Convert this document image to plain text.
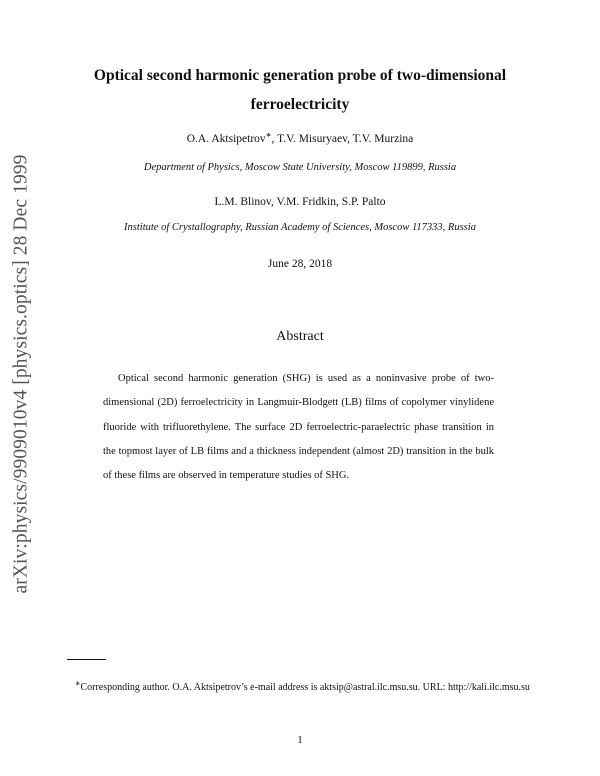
arXiv:physics/9909010v4 [physics.optics] 28 Dec 1999
Optical second harmonic generation probe of two-dimensional
ferroelectricity

O.A. Aktsipetrov∗, T.V. Misuryaev, T.V. Murzina

Department of Physics, Moscow State University, Moscow 119899, Russia

L.M. Blinov, V.M. Fridkin, S.P. Palto

Institute of Crystallography, Russian Academy of Sciences, Moscow 117333, Russia

June 28, 2018

Abstract

Optical second harmonic generation (SHG) is used as a noninvasive probe of two-dimensional (2D) ferroelectricity in Langmuir-Blodgett (LB) films of copolymer vinylidene fluoride with trifluorethylene. The surface 2D ferroelectric-paraelectric phase transition in the topmost layer of LB films and a thickness independent (almost 2D) transition in the bulk of these films are observed in temperature studies of SHG.

∗Corresponding author. O.A. Aktsipetrov’s e-mail address is aktsip@astral.ilc.msu.su. URL: http://kali.ilc.msu.su

1
